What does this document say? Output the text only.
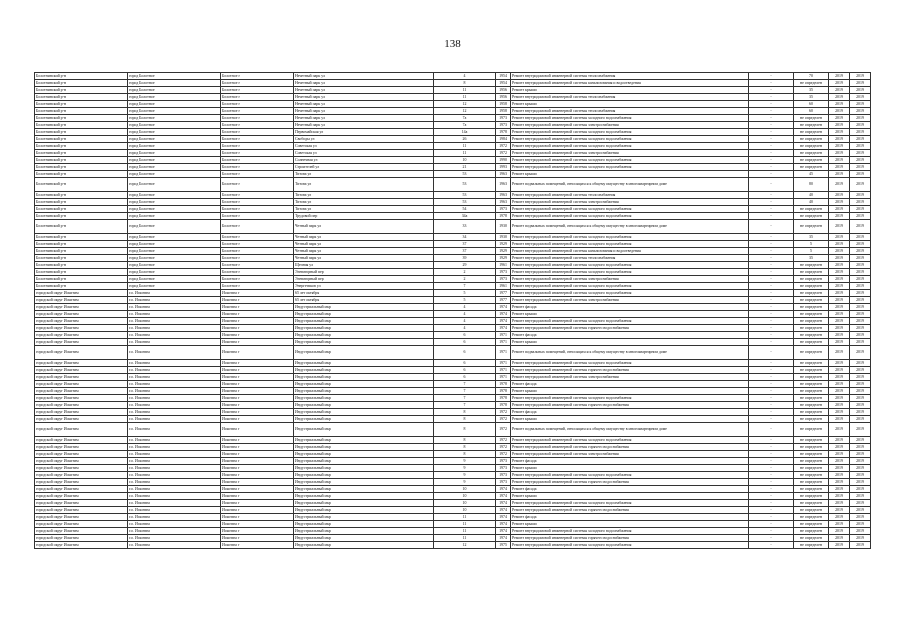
138
Болотнинский р-н	город Болотное	Болотное г	Нечетный парк ул	4	1954	Ремонт внутридомовой инженерной системы теплоснабжения	-	70	2019	2019
Болотнинский р-н	город Болотное	Болотное г	Нечетный парк ул	8	1954	Ремонт внутридомовой инженерной системы канализования и водоотведения	-	не определен	2019	2019
Болотнинский р-н	город Болотное	Болотное г	Нечетный парк ул	11	1956	Ремонт крыши	-	35	2019	2019
Болотнинский р-н	город Болотное	Болотное г	Нечетный парк ул	11	1956	Ремонт внутридомовой инженерной системы теплоснабжения	-	35	2019	2019
Болотнинский р-н	город Болотное	Болотное г	Нечетный парк ул	12	1958	Ремонт крыши	-	60	2019	2019
Болотнинский р-н	город Болотное	Болотное г	Нечетный парк ул	12	1958	Ремонт внутридомовой инженерной системы теплоснабжения	-	60	2019	2019
Болотнинский р-н	город Болотное	Болотное г	Нечетный парк ул	7а	1973	Ремонт внутридомовой инженерной системы холодного водоснабжения	-	не определен	2019	2019
Болотнинский р-н	город Болотное	Болотное г	Нечетный парк ул	7а	1973	Ремонт внутридомовой инженерной системы электроснабжения	-	не определен	2019	2019
Болотнинский р-н	город Болотное	Болотное г	Первомайская ул	14а	1978	Ремонт внутридомовой инженерной системы холодного водоснабжения	-	не определен	2019	2019
Болотнинский р-н	город Болотное	Болотное г	Свободы ул	26	1984	Ремонт внутридомовой инженерной системы холодного водоснабжения	-	не определен	2019	2019
Болотнинский р-н	город Болотное	Болотное г	Советская ул	11	1972	Ремонт внутридомовой инженерной системы холодного водоснабжения	-	не определен	2019	2019
Болотнинский р-н	город Болотное	Болотное г	Советская ул	11	1972	Ремонт внутридомовой инженерной системы электроснабжения	-	не определен	2019	2019
Болотнинский р-н	город Болотное	Болотное г	Солнечная ул	10	1990	Ремонт внутридомовой инженерной системы холодного водоснабжения	-	не определен	2019	2019
Болотнинский р-н	город Болотное	Болотное г	Строителей ул	21	1993	Ремонт внутридомовой инженерной системы холодного водоснабжения	-	не определен	2019	2019
Болотнинский р-н	город Болотное	Болотное г	Титова ул	53	1963	Ремонт крыши	-	45	2019	2019
Болотнинский р-н	город Болотное	Болотное г	Титова ул	53	1963	Ремонт подвальных помещений, относящихся к общему имуществу в многоквартирном доме	-	80	2019	2019
Болотнинский р-н	город Болотное	Болотное г	Титова ул	53	1963	Ремонт внутридомовой инженерной системы теплоснабжения	-	40	2019	2019
Болотнинский р-н	город Болотное	Болотное г	Титова ул	53	1963	Ремонт внутридомовой инженерной системы электроснабжения	-	40	2019	2019
Болотнинский р-н	город Болотное	Болотное г	Титова ул	54	1973	Ремонт внутридомовой инженерной системы холодного водоснабжения	-	не определен	2019	2019
Болотнинский р-н	город Болотное	Болотное г	Трудовой пер	34а	1978	Ремонт внутридомовой инженерной системы холодного водоснабжения	-	не определен	2019	2019
Болотнинский р-н	город Болотное	Болотное г	Четный парк ул	33	1930	Ремонт подвальных помещений, относящихся к общему имуществу в многоквартирном доме	-	не определен	2019	2019
Болотнинский р-н	город Болотное	Болотное г	Четный парк ул	34	1930	Ремонт внутридомовой инженерной системы холодного водоснабжения	-	35	2019	2019
Болотнинский р-н	город Болотное	Болотное г	Четный парк ул	37	1929	Ремонт внутридомовой инженерной системы холодного водоснабжения	-	5	2019	2019
Болотнинский р-н	город Болотное	Болотное г	Четный парк ул	37	1929	Ремонт внутридомовой инженерной системы канализования и водоотведения	-	5	2019	2019
Болотнинский р-н	город Болотное	Болотное г	Четный парк ул	39	1929	Ремонт внутридомовой инженерной системы теплоснабжения	-	35	2019	2019
Болотнинский р-н	город Болотное	Болотное г	Щепная ул	29	1961	Ремонт внутридомовой инженерной системы холодного водоснабжения	-	не определен	2019	2019
Болотнинский р-н	город Болотное	Болотное г	Элеваторный пер	2	1973	Ремонт внутридомовой инженерной системы холодного водоснабжения	-	не определен	2019	2019
Болотнинский р-н	город Болотное	Болотное г	Элеваторный пер	2	1973	Ремонт внутридомовой инженерной системы электроснабжения	-	не определен	2019	2019
Болотнинский р-н	город Болотное	Болотное г	Энергетиков ул	7	1961	Ремонт внутридомовой инженерной системы холодного водоснабжения	-	не определен	2019	2019
городской округ Искитим	г.о. Искитим	Искитим г	65 лет октября	5	1977	Ремонт внутридомовой инженерной системы холодного водоснабжения	-	не определен	2019	2019
городской округ Искитим	г.о. Искитим	Искитим г	65 лет октября	5	1977	Ремонт внутридомовой инженерной системы электроснабжения	-	не определен	2019	2019
городской округ Искитим	г.о. Искитим	Искитим г	Индустриальный мкр	4	1974	Ремонт фасада	-	не определен	2019	2019
городской округ Искитим	г.о. Искитим	Искитим г	Индустриальный мкр	4	1974	Ремонт крыши	-	не определен	2019	2019
городской округ Искитим	г.о. Искитим	Искитим г	Индустриальный мкр	4	1974	Ремонт внутридомовой инженерной системы холодного водоснабжения	-	не определен	2019	2019
городской округ Искитим	г.о. Искитим	Искитим г	Индустриальный мкр	4	1974	Ремонт внутридомовой инженерной системы горячего водоснабжения	-	не определен	2019	2019
городской округ Искитим	г.о. Искитим	Искитим г	Индустриальный мкр	6	1971	Ремонт фасада	-	не определен	2019	2019
городской округ Искитим	г.о. Искитим	Искитим г	Индустриальный мкр	6	1971	Ремонт крыши	-	не определен	2019	2019
городской округ Искитим	г.о. Искитим	Искитим г	Индустриальный мкр	6	1971	Ремонт подвальных помещений, относящихся к общему имуществу в многоквартирном доме	-	не определен	2019	2019
городской округ Искитим	г.о. Искитим	Искитим г	Индустриальный мкр	6	1971	Ремонт внутридомовой инженерной системы холодного водоснабжения	-	не определен	2019	2019
городской округ Искитим	г.о. Искитим	Искитим г	Индустриальный мкр	6	1971	Ремонт внутридомовой инженерной системы горячего водоснабжения	-	не определен	2019	2019
городской округ Искитим	г.о. Искитим	Искитим г	Индустриальный мкр	6	1971	Ремонт внутридомовой инженерной системы электроснабжения	-	не определен	2019	2019
городской округ Искитим	г.о. Искитим	Искитим г	Индустриальный мкр	7	1978	Ремонт фасада	-	не определен	2019	2019
городской округ Искитим	г.о. Искитим	Искитим г	Индустриальный мкр	7	1978	Ремонт крыши	-	не определен	2019	2019
городской округ Искитим	г.о. Искитим	Искитим г	Индустриальный мкр	7	1978	Ремонт внутридомовой инженерной системы холодного водоснабжения	-	не определен	2019	2019
городской округ Искитим	г.о. Искитим	Искитим г	Индустриальный мкр	7	1978	Ремонт внутридомовой инженерной системы горячего водоснабжения	-	не определен	2019	2019
городской округ Искитим	г.о. Искитим	Искитим г	Индустриальный мкр	8	1972	Ремонт фасада	-	не определен	2019	2019
городской округ Искитим	г.о. Искитим	Искитим г	Индустриальный мкр	8	1972	Ремонт крыши	-	не определен	2019	2019
городской округ Искитим	г.о. Искитим	Искитим г	Индустриальный мкр	8	1972	Ремонт подвальных помещений, относящихся к общему имуществу в многоквартирном доме	-	не определен	2019	2019
городской округ Искитим	г.о. Искитим	Искитим г	Индустриальный мкр	8	1972	Ремонт внутридомовой инженерной системы холодного водоснабжения	-	не определен	2019	2019
городской округ Искитим	г.о. Искитим	Искитим г	Индустриальный мкр	8	1972	Ремонт внутридомовой инженерной системы горячего водоснабжения	-	не определен	2019	2019
городской округ Искитим	г.о. Искитим	Искитим г	Индустриальный мкр	8	1972	Ремонт внутридомовой инженерной системы электроснабжения	-	не определен	2019	2019
городской округ Искитим	г.о. Искитим	Искитим г	Индустриальный мкр	9	1973	Ремонт фасада	-	не определен	2019	2019
городской округ Искитим	г.о. Искитим	Искитим г	Индустриальный мкр	9	1973	Ремонт крыши	-	не определен	2019	2019
городской округ Искитим	г.о. Искитим	Искитим г	Индустриальный мкр	9	1973	Ремонт внутридомовой инженерной системы холодного водоснабжения	-	не определен	2019	2019
городской округ Искитим	г.о. Искитим	Искитим г	Индустриальный мкр	9	1973	Ремонт внутридомовой инженерной системы горячего водоснабжения	-	не определен	2019	2019
городской округ Искитим	г.о. Искитим	Искитим г	Индустриальный мкр	10	1974	Ремонт фасада	-	не определен	2019	2019
городской округ Искитим	г.о. Искитим	Искитим г	Индустриальный мкр	10	1974	Ремонт крыши	-	не определен	2019	2019
городской округ Искитим	г.о. Искитим	Искитим г	Индустриальный мкр	10	1974	Ремонт внутридомовой инженерной системы холодного водоснабжения	-	не определен	2019	2019
городской округ Искитим	г.о. Искитим	Искитим г	Индустриальный мкр	10	1974	Ремонт внутридомовой инженерной системы горячего водоснабжения	-	не определен	2019	2019
городской округ Искитим	г.о. Искитим	Искитим г	Индустриальный мкр	11	1974	Ремонт фасада	-	не определен	2019	2019
городской округ Искитим	г.о. Искитим	Искитим г	Индустриальный мкр	11	1974	Ремонт крыши	-	не определен	2019	2019
городской округ Искитим	г.о. Искитим	Искитим г	Индустриальный мкр	11	1974	Ремонт внутридомовой инженерной системы холодного водоснабжения	-	не определен	2019	2019
городской округ Искитим	г.о. Искитим	Искитим г	Индустриальный мкр	11	1974	Ремонт внутридомовой инженерной системы горячего водоснабжения	-	не определен	2019	2019
городской округ Искитим	г.о. Искитим	Искитим г	Индустриальный мкр	12	1975	Ремонт внутридомовой инженерной системы холодного водоснабжения	-	не определен	2019	2019
